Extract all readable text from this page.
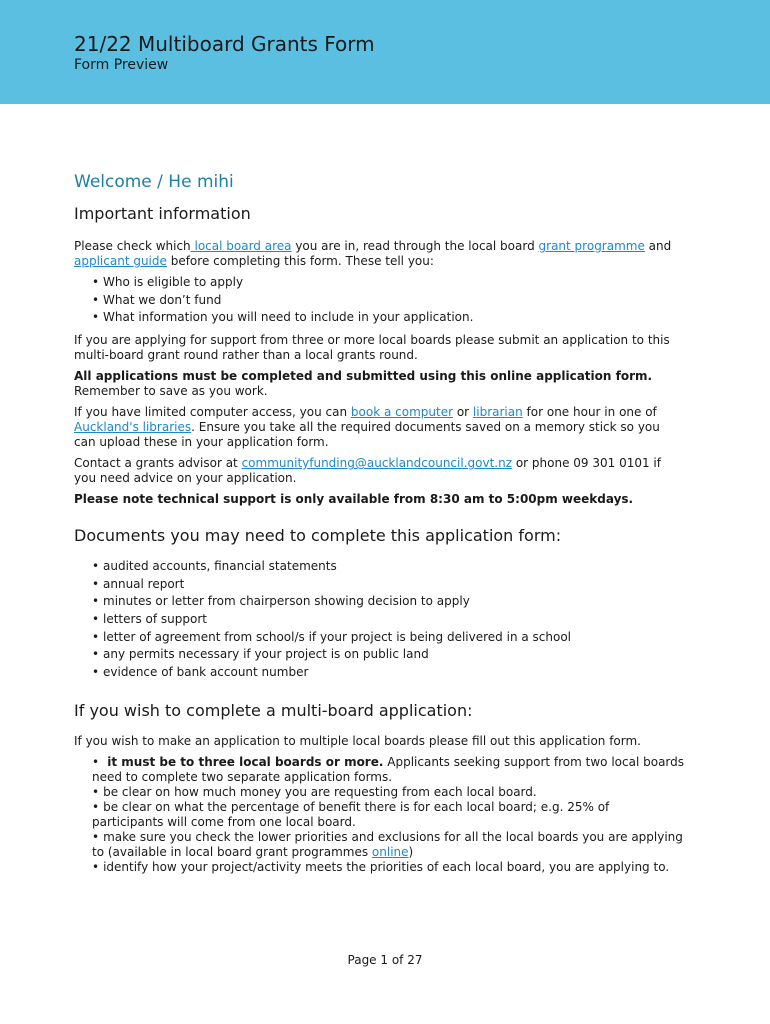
21/22 Multiboard Grants Form
Form Preview
Welcome / He mihi
Important information

Please check which local board area you are in, read through the local board grant programme and applicant guide before completing this form. These tell you:

• Who is eligible to apply
• What we don’t fund
• What information you will need to include in your application.

If you are applying for support from three or more local boards please submit an application to this multi-board grant round rather than a local grants round.

All applications must be completed and submitted using this online application form. Remember to save as you work.

If you have limited computer access, you can book a computer or librarian for one hour in one of Auckland's libraries. Ensure you take all the required documents saved on a memory stick so you can upload these in your application form.

Contact a grants advisor at communityfunding@aucklandcouncil.govt.nz or phone 09 301 0101 if you need advice on your application.

Please note technical support is only available from 8:30 am to 5:00pm weekdays.

Documents you may need to complete this application form:
• audited accounts, financial statements
• annual report
• minutes or letter from chairperson showing decision to apply
• letters of support
• letter of agreement from school/s if your project is being delivered in a school
• any permits necessary if your project is on public land
• evidence of bank account number
If you wish to complete a multi-board application:

If you wish to make an application to multiple local boards please fill out this application form.

• it must be to three local boards or more. Applicants seeking support from two local boards need to complete two separate application forms.
• be clear on how much money you are requesting from each local board.
• be clear on what the percentage of benefit there is for each local board; e.g. 25% of participants will come from one local board.
• make sure you check the lower priorities and exclusions for all the local boards you are applying to (available in local board grant programmes online)
• identify how your project/activity meets the priorities of each local board, you are applying to.
Page 1 of 27
